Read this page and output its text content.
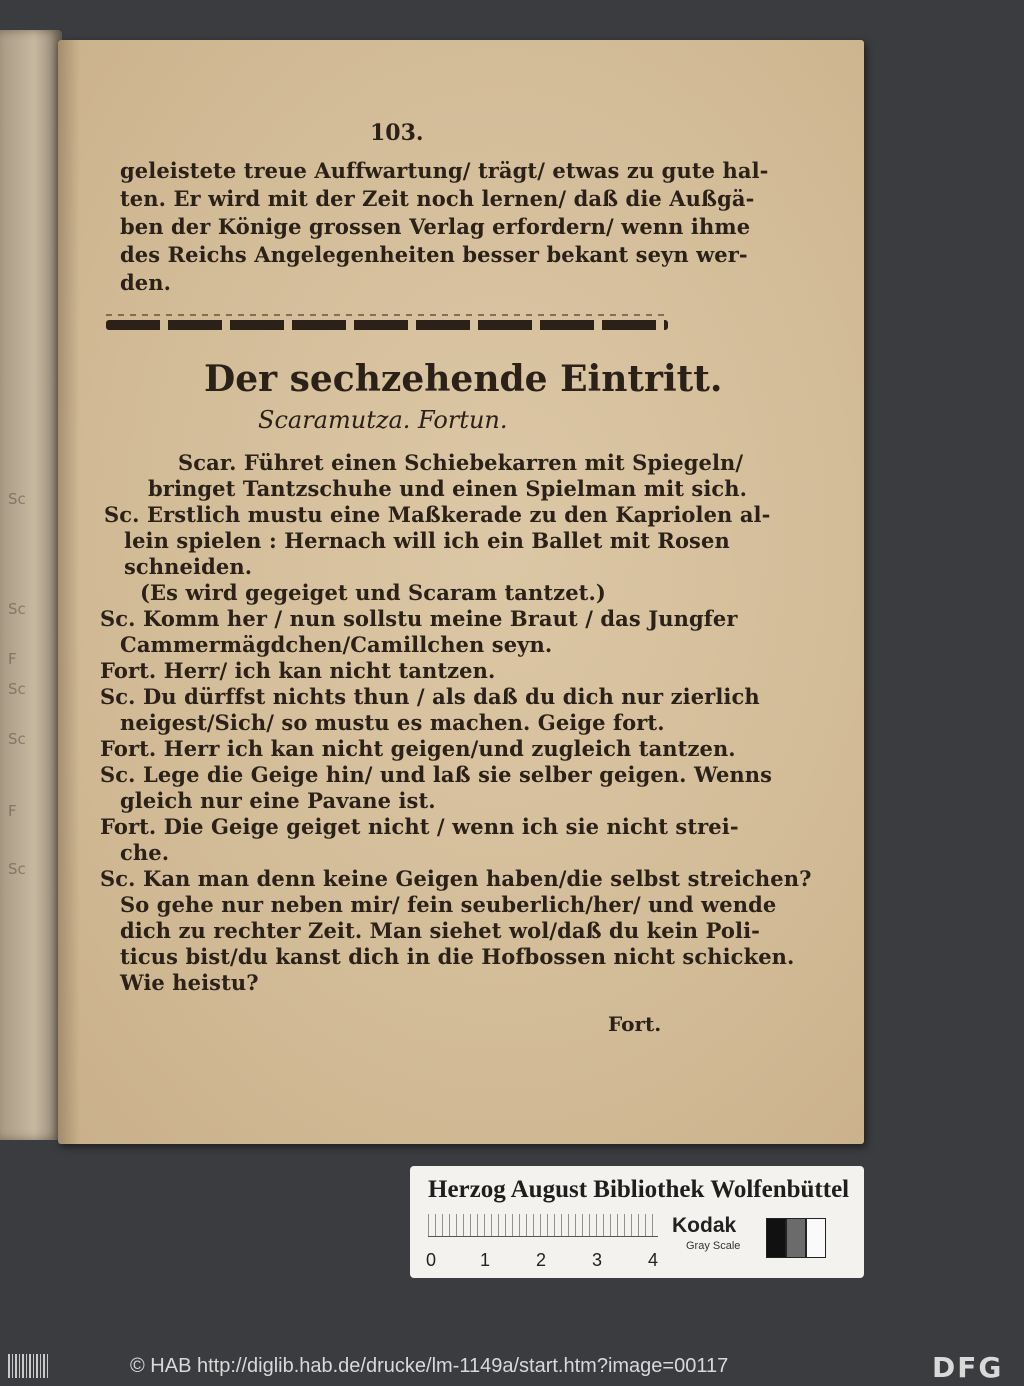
Sc
Sc
F
Sc
Sc
F
Sc
103.
geleistete treue Auffwartung/ trägt/ etwas zu gute hal-
ten. Er wird mit der Zeit noch lernen/ daß die Außgä-
ben der Könige grossen Verlag erfordern/ wenn ihme
des Reichs Angelegenheiten besser bekant seyn wer-
den.
Der sechzehende Eintritt.
Scaramutza. Fortun.
Scar. Führet einen Schiebekarren mit Spiegeln/
bringet Tantzschuhe und einen Spielman mit sich.
Sc. Erstlich mustu eine Maßkerade zu den Kapriolen al-
lein spielen : Hernach will ich ein Ballet mit Rosen
schneiden.
(Es wird gegeiget und Scaram tantzet.)
Sc. Komm her / nun sollstu meine Braut / das Jungfer
Cammermägdchen/Camillchen seyn.
Fort. Herr/ ich kan nicht tantzen.
Sc. Du dürffst nichts thun / als daß du dich nur zierlich
neigest/Sich/ so mustu es machen. Geige fort.
Fort. Herr ich kan nicht geigen/und zugleich tantzen.
Sc. Lege die Geige hin/ und laß sie selber geigen. Wenns
gleich nur eine Pavane ist.
Fort. Die Geige geiget nicht / wenn ich sie nicht strei-
che.
Sc. Kan man denn keine Geigen haben/die selbst streichen?
So gehe nur neben mir/ fein seuberlich/her/ und wende
dich zu rechter Zeit. Man siehet wol/daß du kein Poli-
ticus bist/du kanst dich in die Hofbossen nicht schicken.
Wie heistu?
Fort.
Herzog August Bibliothek Wolfenbüttel
0 1	2	3	4
Kodak
Gray Scale
© HAB http://diglib.hab.de/drucke/lm-1149a/start.htm?image=00117	DFG
